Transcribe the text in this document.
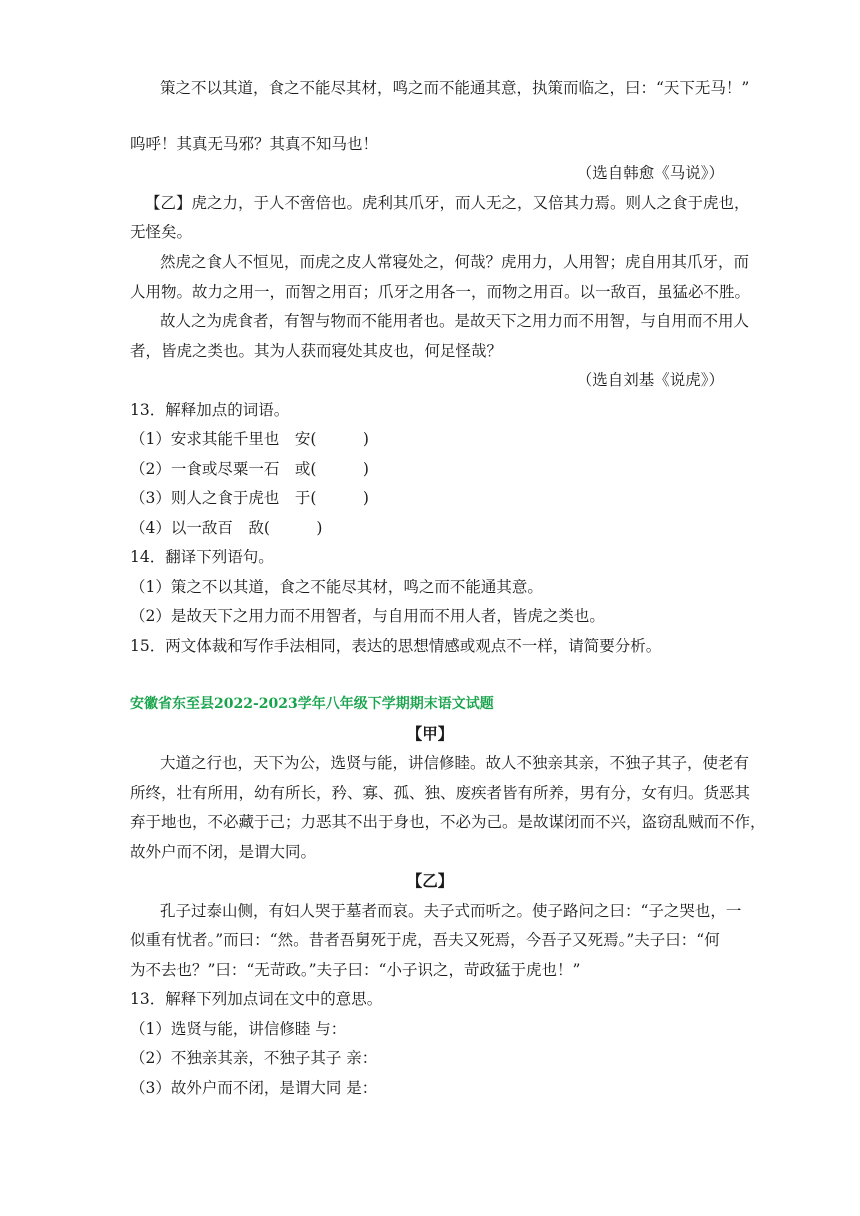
策之不以其道，食之不能尽其材，鸣之而不能通其意，执策而临之，曰：“天下无马！”
呜呼！其真无马邪？其真不知马也！
（选自韩愈《马说》）
【乙】虎之力，于人不啻倍也。虎利其爪牙，而人无之，又倍其力焉。则人之食于虎也，
无怪矣。
然虎之食人不恒见，而虎之皮人常寝处之，何哉？虎用力，人用智；虎自用其爪牙，而
人用物。故力之用一，而智之用百；爪牙之用各一，而物之用百。以一敌百，虽猛必不胜。
故人之为虎食者，有智与物而不能用者也。是故天下之用力而不用智，与自用而不用人
者，皆虎之类也。其为人获而寝处其皮也，何足怪哉？
（选自刘基《说虎》）
13．解释加点的词语。
（1）安求其能千里也　安(　　　)
（2）一食或尽粟一石　或(　　　)
（3）则人之食于虎也　于(　　　)
（4）以一敌百　敌(　　　)
14．翻译下列语句。
（1）策之不以其道，食之不能尽其材，鸣之而不能通其意。
（2）是故天下之用力而不用智者，与自用而不用人者，皆虎之类也。
15．两文体裁和写作手法相同，表达的思想情感或观点不一样，请简要分析。
安徽省东至县2022-2023学年八年级下学期期末语文试题
【甲】
大道之行也，天下为公，选贤与能，讲信修睦。故人不独亲其亲，不独子其子，使老有
所终，壮有所用，幼有所长，矜、寡、孤、独、废疾者皆有所养，男有分，女有归。货恶其
弃于地也，不必藏于己；力恶其不出于身也，不必为己。是故谋闭而不兴，盗窃乱贼而不作，
故外户而不闭，是谓大同。
【乙】
孔子过泰山侧，有妇人哭于墓者而哀。夫子式而听之。使子路问之曰：“子之哭也，一
似重有忧者。”而曰：“然。昔者吾舅死于虎，吾夫又死焉，今吾子又死焉。”夫子曰：“何
为不去也？”曰：“无苛政。”夫子曰：“小子识之，苛政猛于虎也！”
13．解释下列加点词在文中的意思。
（1）选贤与能，讲信修睦 与：
（2）不独亲其亲，不独子其子 亲：
（3）故外户而不闭，是谓大同 是：
